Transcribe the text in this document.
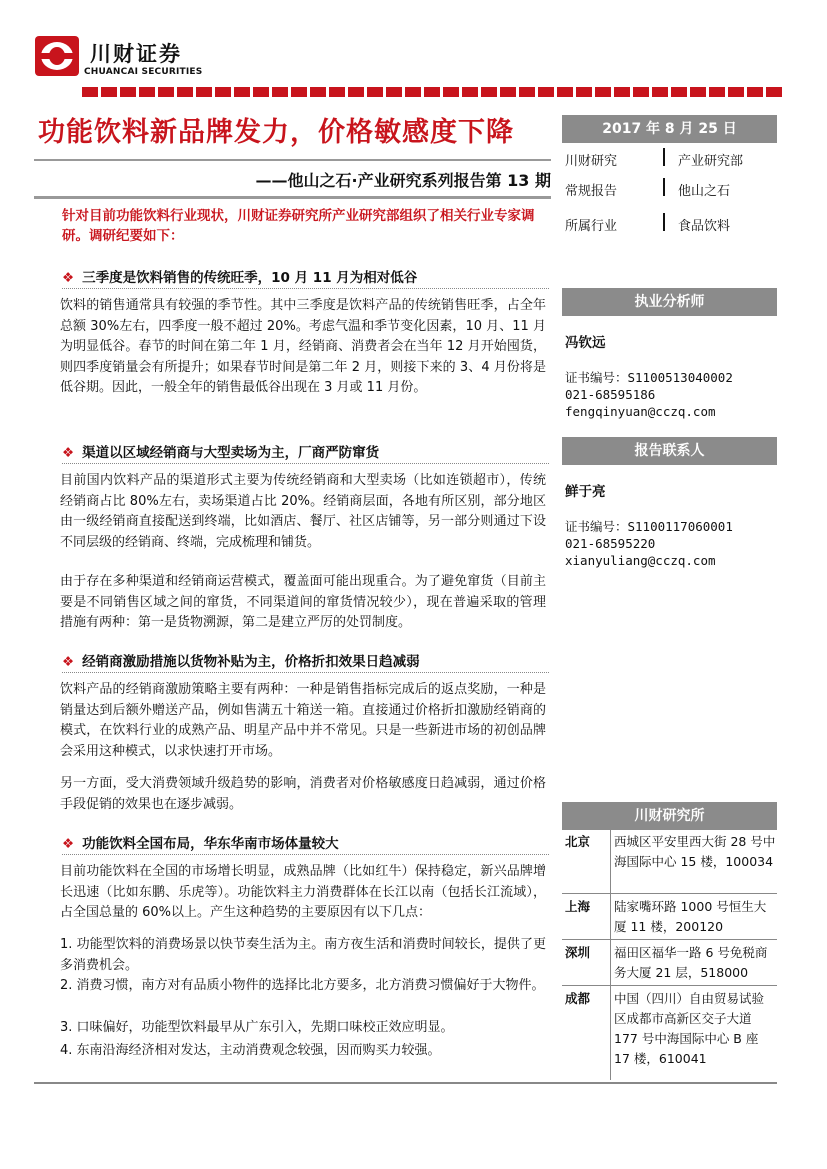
川财证券
CHUANCAI SECURITIES
功能饮料新品牌发力，价格敏感度下降
——他山之石·产业研究系列报告第 13 期
针对目前功能饮料行业现状，川财证券研究所产业研究部组织了相关行业专家调研。调研纪要如下：
❖ 三季度是饮料销售的传统旺季，10 月 11 月为相对低谷
饮料的销售通常具有较强的季节性。其中三季度是饮料产品的传统销售旺季，占全年总额 30%左右，四季度一般不超过 20%。考虑气温和季节变化因素，10 月、11 月为明显低谷。春节的时间在第二年 1 月，经销商、消费者会在当年 12 月开始囤货，则四季度销量会有所提升；如果春节时间是第二年 2 月，则接下来的 3、4 月份将是低谷期。因此，一般全年的销售最低谷出现在 3 月或 11 月份。
❖ 渠道以区域经销商与大型卖场为主，厂商严防窜货
目前国内饮料产品的渠道形式主要为传统经销商和大型卖场（比如连锁超市），传统经销商占比 80%左右，卖场渠道占比 20%。经销商层面，各地有所区别，部分地区由一级经销商直接配送到终端，比如酒店、餐厅、社区店铺等，另一部分则通过下设不同层级的经销商、终端，完成梳理和铺货。
由于存在多种渠道和经销商运营模式，覆盖面可能出现重合。为了避免窜货（目前主要是不同销售区域之间的窜货，不同渠道间的窜货情况较少），现在普遍采取的管理措施有两种：第一是货物溯源，第二是建立严厉的处罚制度。
❖ 经销商激励措施以货物补贴为主，价格折扣效果日趋减弱
饮料产品的经销商激励策略主要有两种：一种是销售指标完成后的返点奖励，一种是销量达到后额外赠送产品，例如售满五十箱送一箱。直接通过价格折扣激励经销商的模式，在饮料行业的成熟产品、明星产品中并不常见。只是一些新进市场的初创品牌会采用这种模式，以求快速打开市场。
另一方面，受大消费领域升级趋势的影响，消费者对价格敏感度日趋减弱，通过价格手段促销的效果也在逐步减弱。
❖ 功能饮料全国布局，华东华南市场体量较大
目前功能饮料在全国的市场增长明显，成熟品牌（比如红牛）保持稳定，新兴品牌增长迅速（比如东鹏、乐虎等）。功能饮料主力消费群体在长江以南（包括长江流域），占全国总量的 60%以上。产生这种趋势的主要原因有以下几点：
1. 功能型饮料的消费场景以快节奏生活为主。南方夜生活和消费时间较长，提供了更多消费机会。
2. 消费习惯，南方对有品质小物件的选择比北方要多，北方消费习惯偏好于大物件。
3. 口味偏好，功能型饮料最早从广东引入，先期口味校正效应明显。
4. 东南沿海经济相对发达，主动消费观念较强，因而购买力较强。
2017 年 8 月 25 日
川财研究	产业研究部
常规报告	他山之石
所属行业	食品饮料
执业分析师
冯钦远
证书编号：S1100513040002
021-68595186
fengqinyuan@cczq.com
报告联系人
鲜于亮
证书编号：S1100117060001
021-68595220
xianyuliang@cczq.com
川财研究所
北京 西城区平安里西大街 28 号中海国际中心 15 楼，100034
上海 陆家嘴环路 1000 号恒生大厦 11 楼，200120
深圳 福田区福华一路 6 号免税商务大厦 21 层，518000
成都 中国（四川）自由贸易试验区成都市高新区交子大道 177 号中海国际中心 B 座 17 楼，610041
